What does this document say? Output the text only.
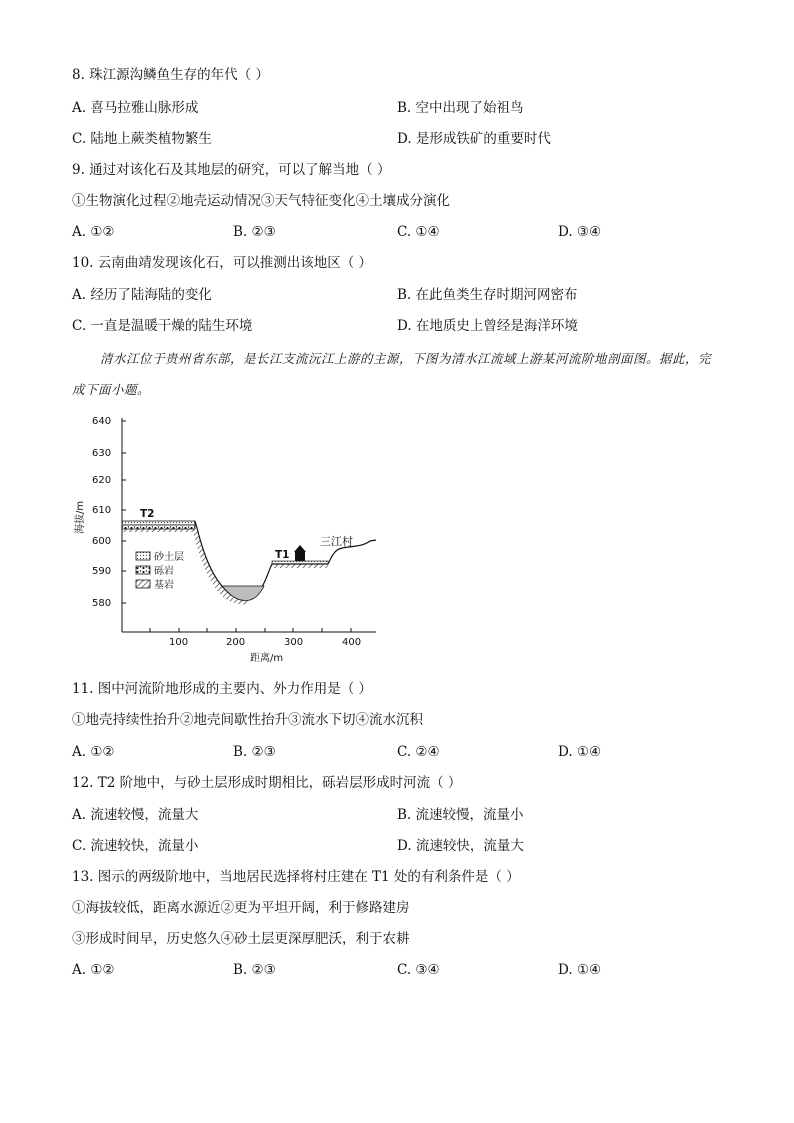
8. 珠江源沟鳞鱼生存的年代（ ）
A. 喜马拉雅山脉形成	B. 空中出现了始祖鸟
C. 陆地上蕨类植物繁生	D. 是形成铁矿的重要时代
9. 通过对该化石及其地层的研究，可以了解当地（ ）
①生物演化过程②地壳运动情况③天气特征变化④土壤成分演化
A. ①②	B. ②③	C. ①④	D. ③④
10. 云南曲靖发现该化石，可以推测出该地区（ ）
A. 经历了陆海陆的变化	B. 在此鱼类生存时期河网密布
C. 一直是温暖干燥的陆生环境	D. 在地质史上曾经是海洋环境
清水江位于贵州省东部，是长江支流沅江上游的主源，下图为清水江流域上游某河流阶地剖面图。据此，完成下面小题。
640
630
620
610
600
590
580
100	200	300	400
距离/m
海拔/m	T2
T1
三江村
砂土层
砾岩
基岩
11. 图中河流阶地形成的主要内、外力作用是（ ）
①地壳持续性抬升②地壳间歇性抬升③流水下切④流水沉积
A. ①②	B. ②③	C. ②④	D. ①④
12. T2 阶地中，与砂土层形成时期相比，砾岩层形成时河流（ ）
A. 流速较慢，流量大	B. 流速较慢，流量小
C. 流速较快，流量小	D. 流速较快，流量大
13. 图示的两级阶地中，当地居民选择将村庄建在 T1 处的有利条件是（ ）
①海拔较低，距离水源近②更为平坦开阔，利于修路建房
③形成时间早，历史悠久④砂土层更深厚肥沃，利于农耕
A. ①②	B. ②③	C. ③④	D. ①④
